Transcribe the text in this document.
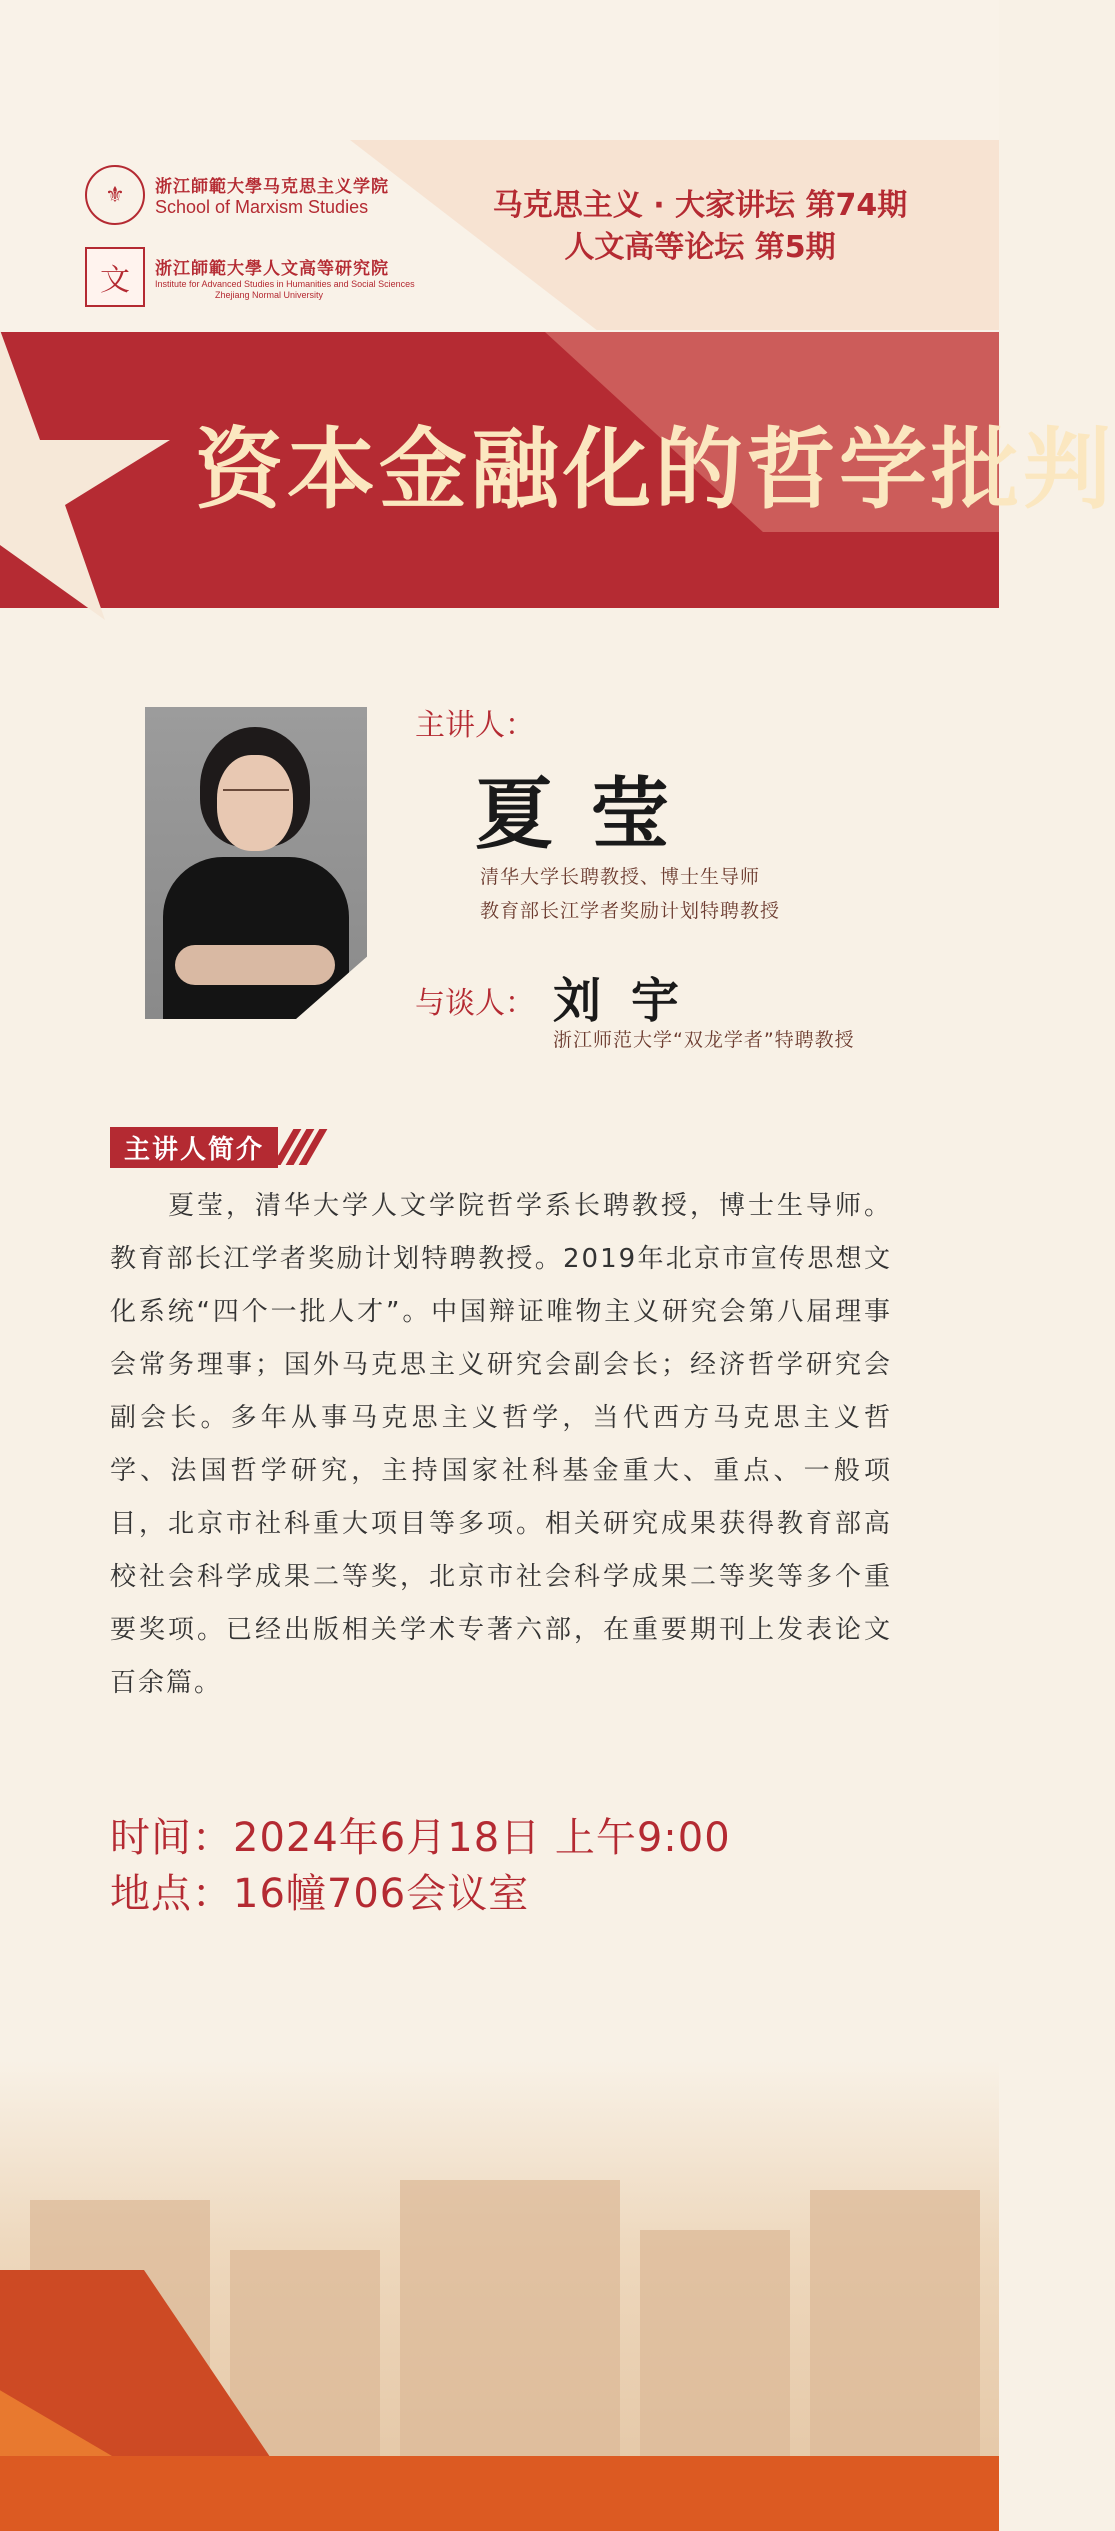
⚜	浙江師範大學马克思主义学院
School of Marxism Studies
文	浙江師範大學人文高等研究院
Institute for Advanced Studies in Humanities and Social Sciences
Zhejiang Normal University
马克思主义 · 大家讲坛 第74期
人文高等论坛 第5期
资本金融化的哲学批判
主讲人：
夏莹
清华大学长聘教授、博士生导师
教育部长江学者奖励计划特聘教授
与谈人： 刘宇
浙江师范大学“双龙学者”特聘教授
主讲人简介
　　夏莹，清华大学人文学院哲学系长聘教授，博士生导师。教育部长江学者奖励计划特聘教授。2019年北京市宣传思想文化系统“四个一批人才”。中国辩证唯物主义研究会第八届理事会常务理事；国外马克思主义研究会副会长；经济哲学研究会副会长。多年从事马克思主义哲学，当代西方马克思主义哲学、法国哲学研究，主持国家社科基金重大、重点、一般项目，北京市社科重大项目等多项。相关研究成果获得教育部高校社会科学成果二等奖，北京市社会科学成果二等奖等多个重要奖项。已经出版相关学术专著六部，在重要期刊上发表论文百余篇。
时间：2024年6月18日 上午9:00
地点：16幢706会议室
